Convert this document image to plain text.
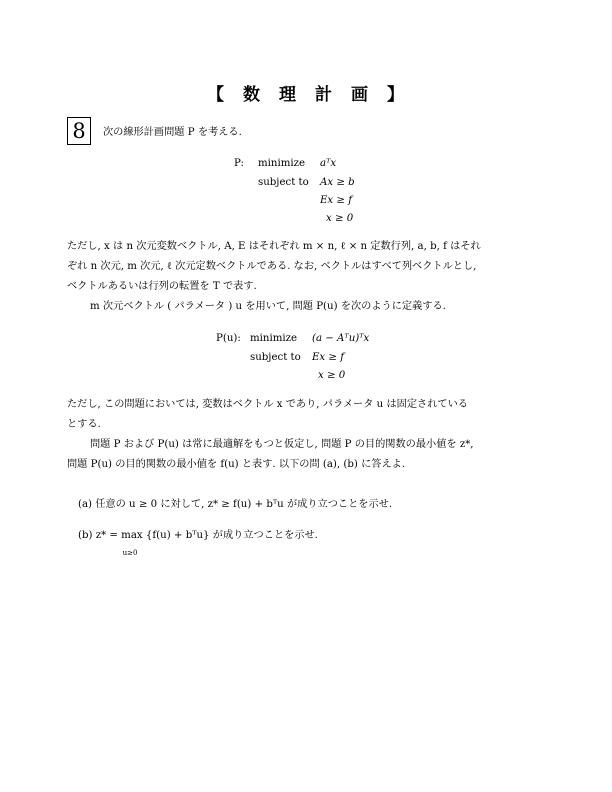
【　数　理　計　画　】
8	次の線形計画問題 P を考える.

P: minimize aᵀx
subject to Ax ≥ b
Ex ≥ f
x ≥ 0

ただし, x は n 次元変数ベクトル, A, E はそれぞれ m × n, ℓ × n 定数行列, a, b, f はそれ

ぞれ n 次元, m 次元, ℓ 次元定数ベクトルである. なお, ベクトルはすべて列ベクトルとし,

ベクトルあるいは行列の転置を T で表す.

m 次元ベクトル ( パラメータ ) u を用いて, 問題 P(u) を次のように定義する.

P(u): minimize (a − Aᵀu)ᵀx
subject to Ex ≥ f
x ≥ 0

ただし, この問題においては, 変数はベクトル x であり, パラメータ u は固定されている

とする.

問題 P および P(u) は常に最適解をもつと仮定し, 問題 P の目的関数の最小値を z*,

問題 P(u) の目的関数の最小値を f(u) と表す. 以下の問 (a), (b) に答えよ.

(a) 任意の u ≥ 0 に対して, z* ≥ f(u) + bᵀu が成り立つことを示せ.

(b) z* = max
u≥0
{f(u) + bᵀu} が成り立つことを示せ.
